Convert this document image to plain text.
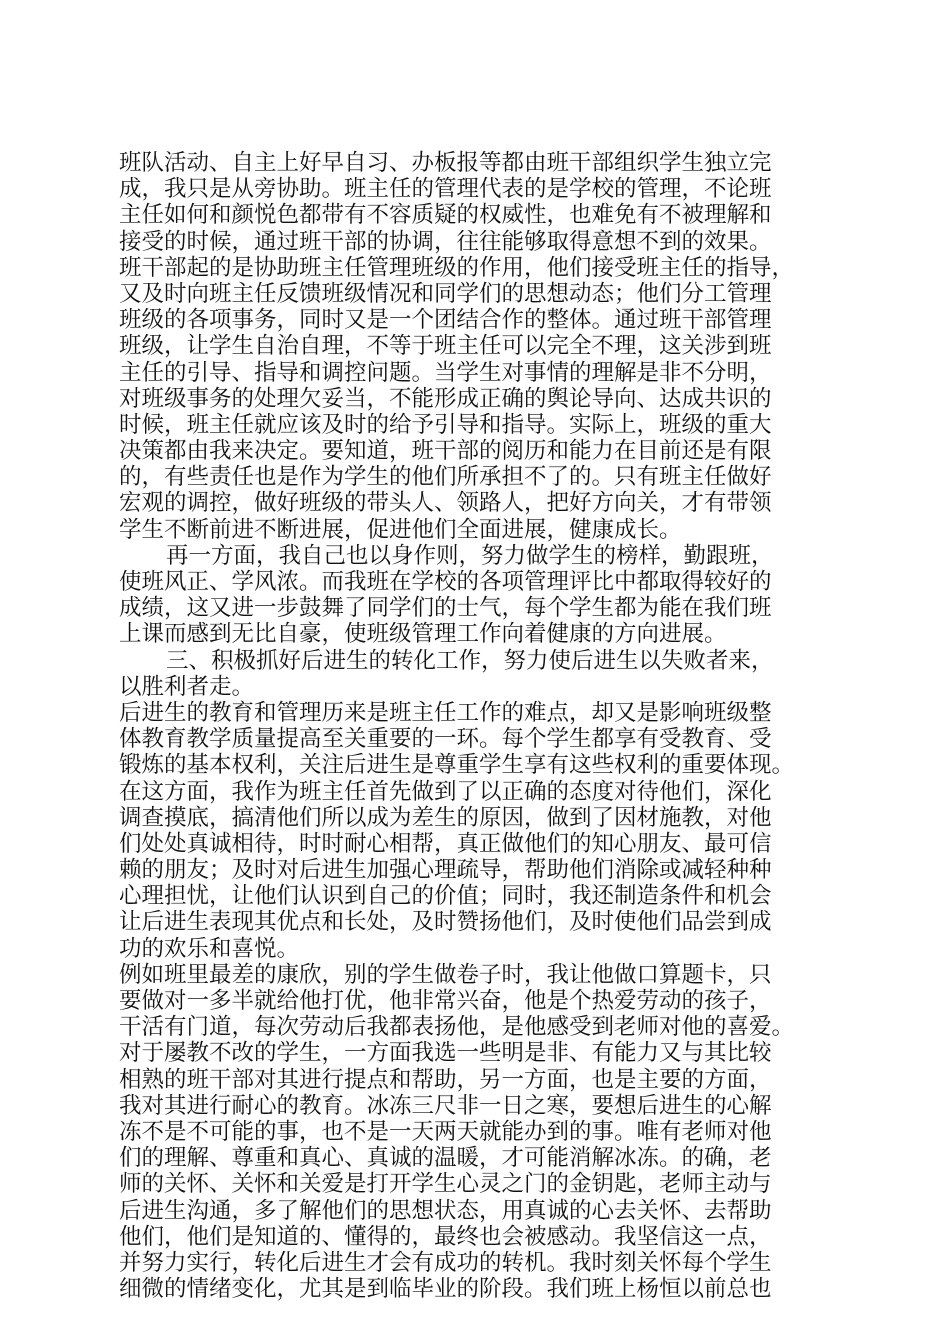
班队活动、自主上好早自习、办板报等都由班干部组织学生独立完
成，我只是从旁协助。班主任的管理代表的是学校的管理，不论班
主任如何和颜悦色都带有不容质疑的权威性，也难免有不被理解和
接受的时候，通过班干部的协调，往往能够取得意想不到的效果。
班干部起的是协助班主任管理班级的作用，他们接受班主任的指导，
又及时向班主任反馈班级情况和同学们的思想动态；他们分工管理
班级的各项事务，同时又是一个团结合作的整体。通过班干部管理
班级，让学生自治自理，不等于班主任可以完全不理，这关涉到班
主任的引导、指导和调控问题。当学生对事情的理解是非不分明，
对班级事务的处理欠妥当，不能形成正确的舆论导向、达成共识的
时候，班主任就应该及时的给予引导和指导。实际上，班级的重大
决策都由我来决定。要知道，班干部的阅历和能力在目前还是有限
的，有些责任也是作为学生的他们所承担不了的。只有班主任做好
宏观的调控，做好班级的带头人、领路人，把好方向关，才有带领
学生不断前进不断进展，促进他们全面进展，健康成长。
再一方面，我自己也以身作则，努力做学生的榜样，勤跟班，
使班风正、学风浓。而我班在学校的各项管理评比中都取得较好的
成绩，这又进一步鼓舞了同学们的士气，每个学生都为能在我们班
上课而感到无比自豪，使班级管理工作向着健康的方向进展。
三、积极抓好后进生的转化工作，努力使后进生以失败者来，
以胜利者走。
后进生的教育和管理历来是班主任工作的难点，却又是影响班级整
体教育教学质量提高至关重要的一环。每个学生都享有受教育、受
锻炼的基本权利，关注后进生是尊重学生享有这些权利的重要体现。
在这方面，我作为班主任首先做到了以正确的态度对待他们，深化
调查摸底，搞清他们所以成为差生的原因，做到了因材施教，对他
们处处真诚相待，时时耐心相帮，真正做他们的知心朋友、最可信
赖的朋友；及时对后进生加强心理疏导，帮助他们消除或减轻种种
心理担忧，让他们认识到自己的价值；同时，我还制造条件和机会
让后进生表现其优点和长处，及时赞扬他们，及时使他们品尝到成
功的欢乐和喜悦。
例如班里最差的康欣，别的学生做卷子时，我让他做口算题卡，只
要做对一多半就给他打优，他非常兴奋，他是个热爱劳动的孩子，
干活有门道，每次劳动后我都表扬他，是他感受到老师对他的喜爱。
对于屡教不改的学生，一方面我选一些明是非、有能力又与其比较
相熟的班干部对其进行提点和帮助，另一方面，也是主要的方面，
我对其进行耐心的教育。冰冻三尺非一日之寒，要想后进生的心解
冻不是不可能的事，也不是一天两天就能办到的事。唯有老师对他
们的理解、尊重和真心、真诚的温暖，才可能消解冰冻。的确，老
师的关怀、关怀和关爱是打开学生心灵之门的金钥匙，老师主动与
后进生沟通，多了解他们的思想状态，用真诚的心去关怀、去帮助
他们，他们是知道的、懂得的，最终也会被感动。我坚信这一点，
并努力实行，转化后进生才会有成功的转机。我时刻关怀每个学生
细微的情绪变化，尤其是到临毕业的阶段。我们班上杨恒以前总也
